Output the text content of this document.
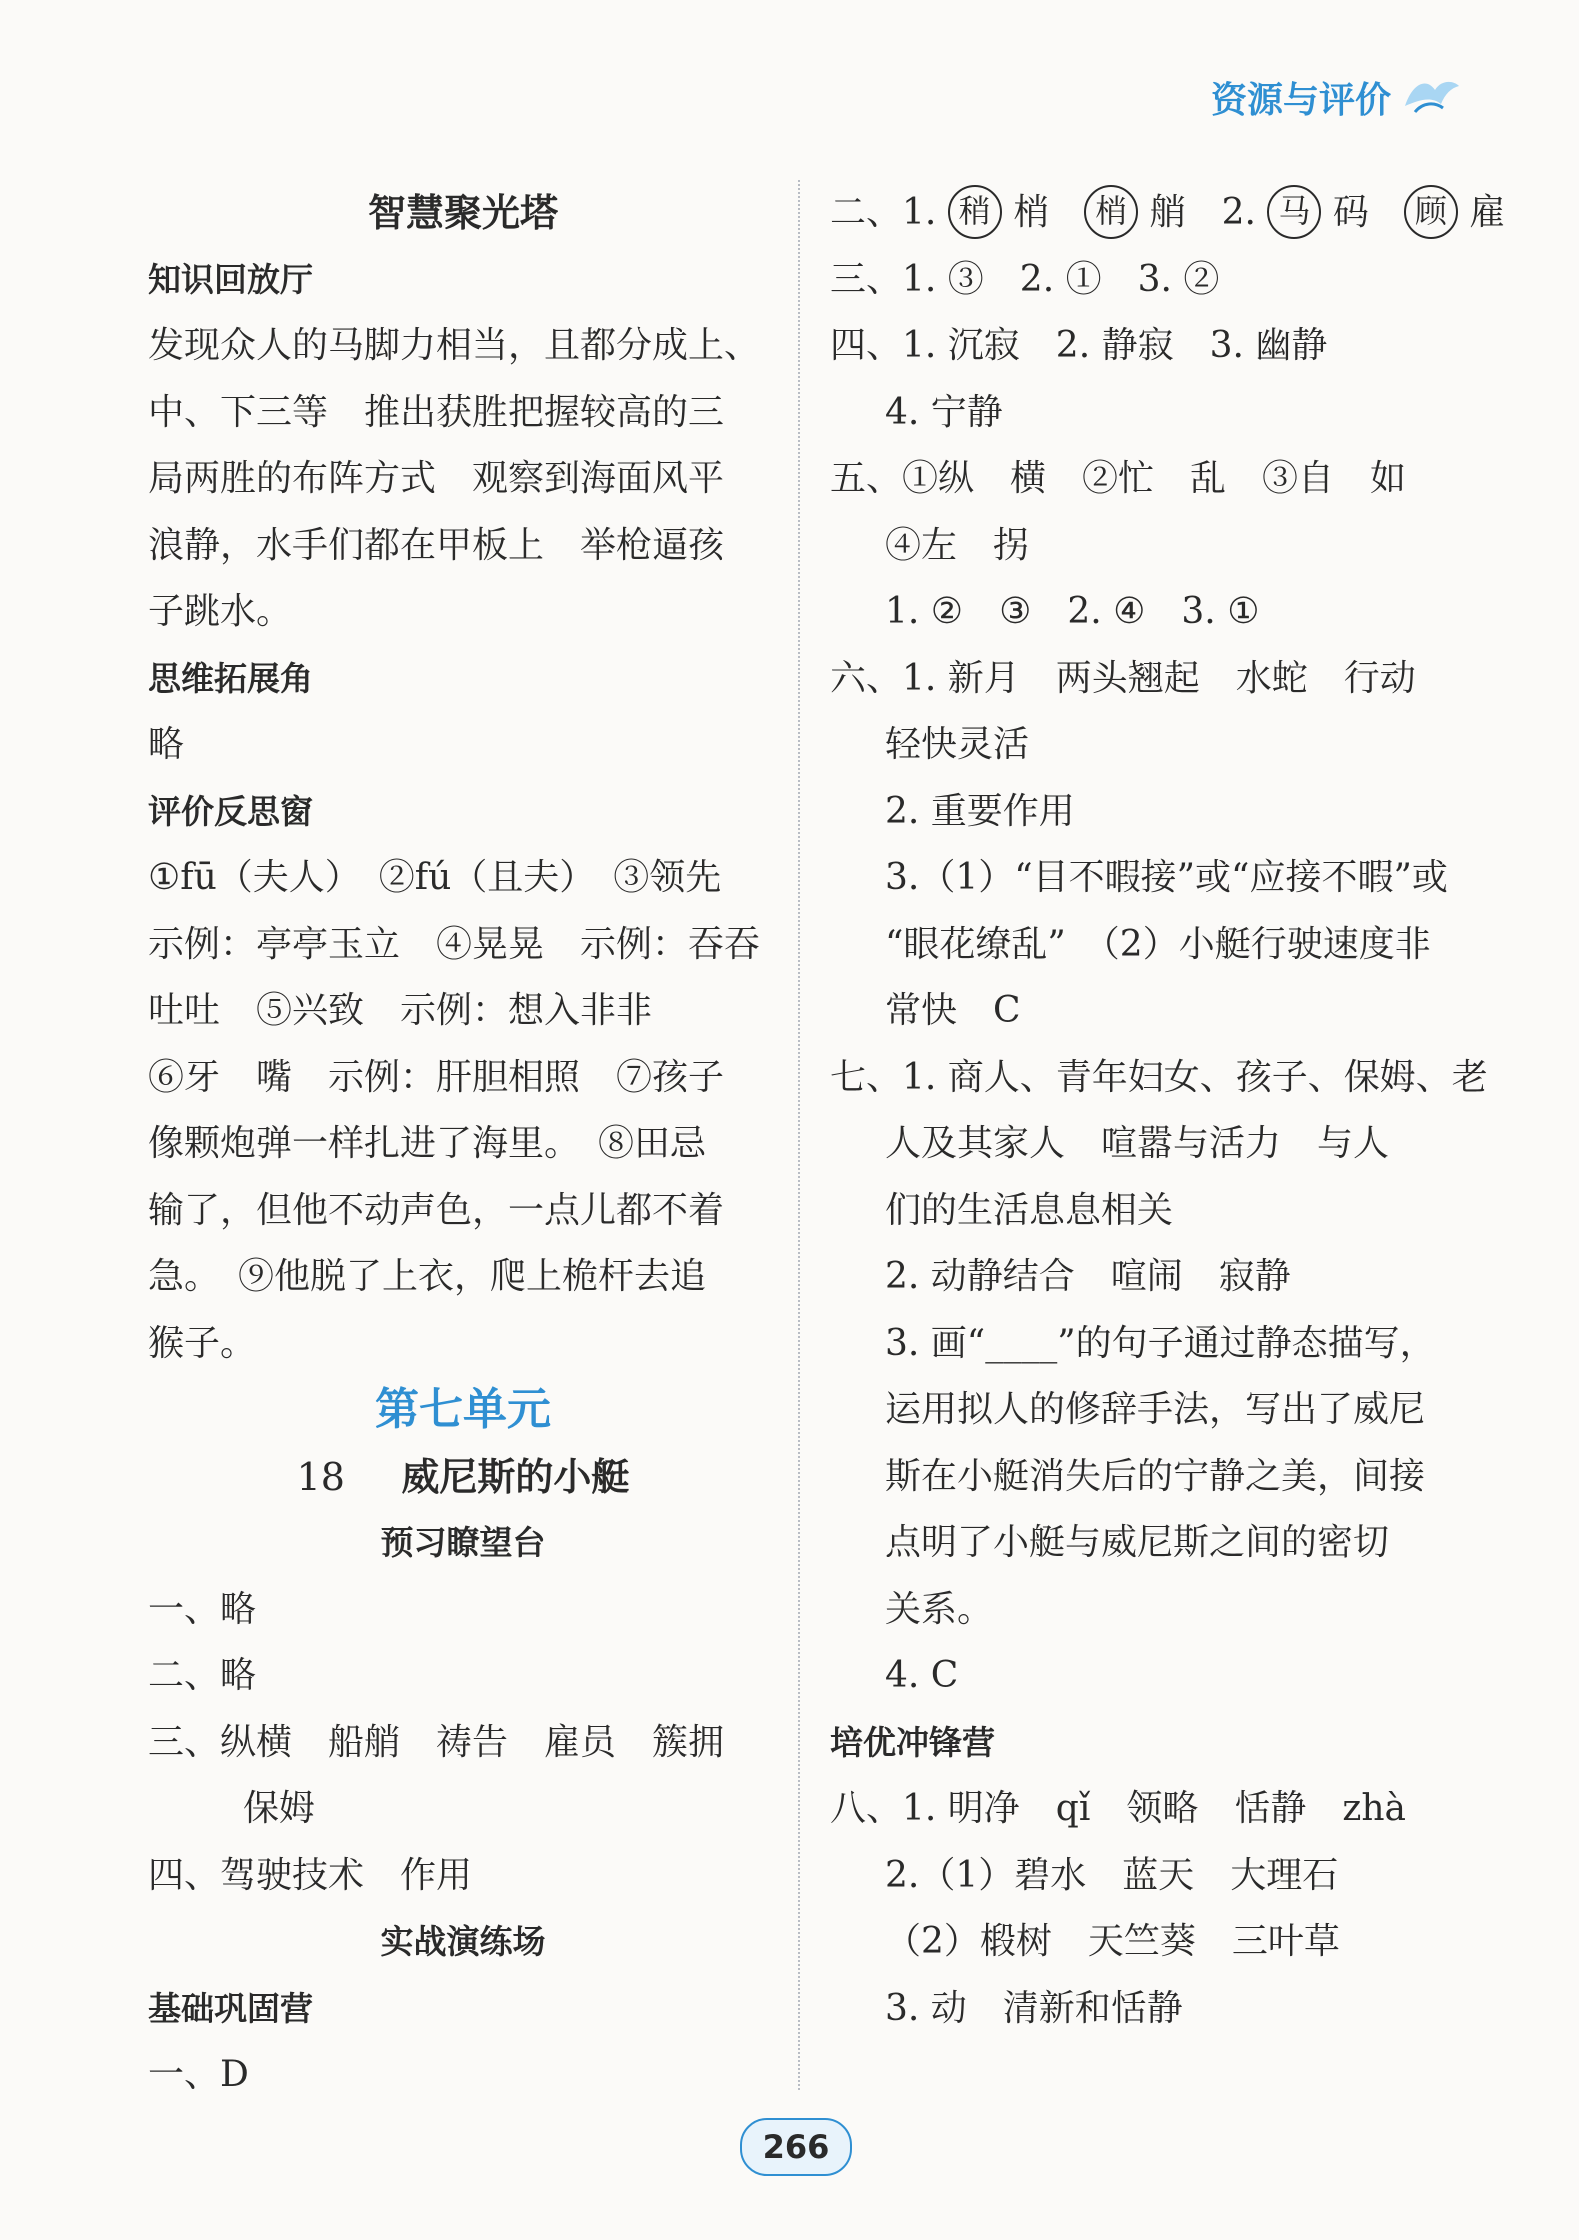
资源与评价
智慧聚光塔
知识回放厅
发现众人的马脚力相当，且都分成上、
中、下三等　推出获胜把握较高的三
局两胜的布阵方式　观察到海面风平
浪静，水手们都在甲板上　举枪逼孩
子跳水。
思维拓展角
略
评价反思窗
①fū（夫人）　②fú（且夫）　③领先
示例：亭亭玉立　④晃晃　示例：吞吞
吐吐　⑤兴致　示例：想入非非
⑥牙　嘴　示例：肝胆相照　⑦孩子
像颗炮弹一样扎进了海里。　⑧田忌
输了，但他不动声色，一点儿都不着
急。　⑨他脱了上衣，爬上桅杆去追
猴子。
第七单元
18 威尼斯的小艇
预习瞭望台
一、略
二、略
三、纵横　船艄　祷告　雇员　簇拥
保姆
四、驾驶技术　作用
实战演练场
基础巩固营
一、D
二、1. 稍 梢 梢 艄　2. 马 码 顾 雇
三、1. ③　2. ①　3. ②
四、1. 沉寂　2. 静寂　3. 幽静
4. 宁静
五、①纵　横　②忙　乱　③自　如
④左　拐
1. ②　③　2. ④　3. ①
六、1. 新月　两头翘起　水蛇　行动
轻快灵活
2. 重要作用
3.（1）“目不暇接”或“应接不暇”或
“眼花缭乱”　（2）小艇行驶速度非
常快　C
七、1. 商人、青年妇女、孩子、保姆、老
人及其家人　喧嚣与活力　与人
们的生活息息相关
2. 动静结合　喧闹　寂静
3. 画“____”的句子通过静态描写，
运用拟人的修辞手法，写出了威尼
斯在小艇消失后的宁静之美，间接
点明了小艇与威尼斯之间的密切
关系。
4. C
培优冲锋营
八、1. 明净　qǐ　领略　恬静　zhà
2.（1）碧水　蓝天　大理石
（2）椴树　天竺葵　三叶草
3. 动　清新和恬静
266
